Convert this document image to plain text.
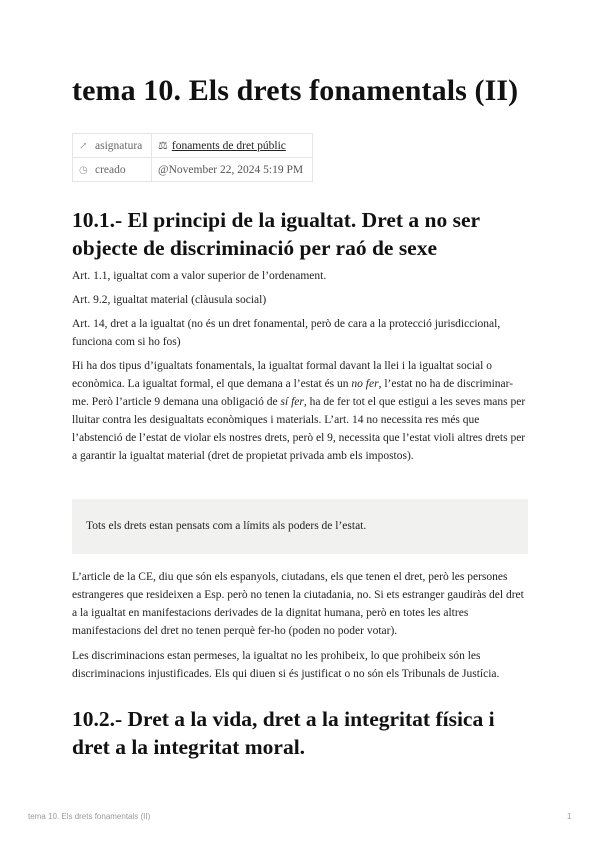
tema 10. Els drets fonamentals (II)
↗ asignatura	⚖ fonaments de dret públic
◷ creado	@November 22, 2024 5:19 PM
10.1.- El principi de la igualtat. Dret a no ser objecte de discriminació per raó de sexe

Art. 1.1, igualtat com a valor superior de l’ordenament.

Art. 9.2, igualtat material (clàusula social)

Art. 14, dret a la igualtat (no és un dret fonamental, però de cara a la protecció jurisdiccional, funciona com si ho fos)

Hi ha dos tipus d’igualtats fonamentals, la igualtat formal davant la llei i la igualtat social o econòmica. La igualtat formal, el que demana a l’estat és un no fer, l’estat no ha de discriminar-me. Però l’article 9 demana una obligació de sí fer, ha de fer tot el que estigui a les seves mans per lluitar contra les desigualtats econòmiques i materials. L’art. 14 no necessita res més que l’abstenció de l’estat de violar els nostres drets, però el 9, necessita que l’estat violi altres drets per a garantir la igualtat material (dret de propietat privada amb els impostos).

Tots els drets estan pensats com a límits als poders de l’estat.

L’article de la CE, diu que són els espanyols, ciutadans, els que tenen el dret, però les persones estrangeres que resideixen a Esp. però no tenen la ciutadania, no. Si ets estranger gaudiràs del dret a la igualtat en manifestacions derivades de la dignitat humana, però en totes les altres manifestacions del dret no tenen perquè fer-ho (poden no poder votar).

Les discriminacions estan permeses, la igualtat no les prohibeix, lo que prohibeix són les discriminacions injustificades. Els qui diuen si és justificat o no són els Tribunals de Justícia.

10.2.- Dret a la vida, dret a la integritat física i dret a la integritat moral.
tema 10. Els drets fonamentals (II)	1
